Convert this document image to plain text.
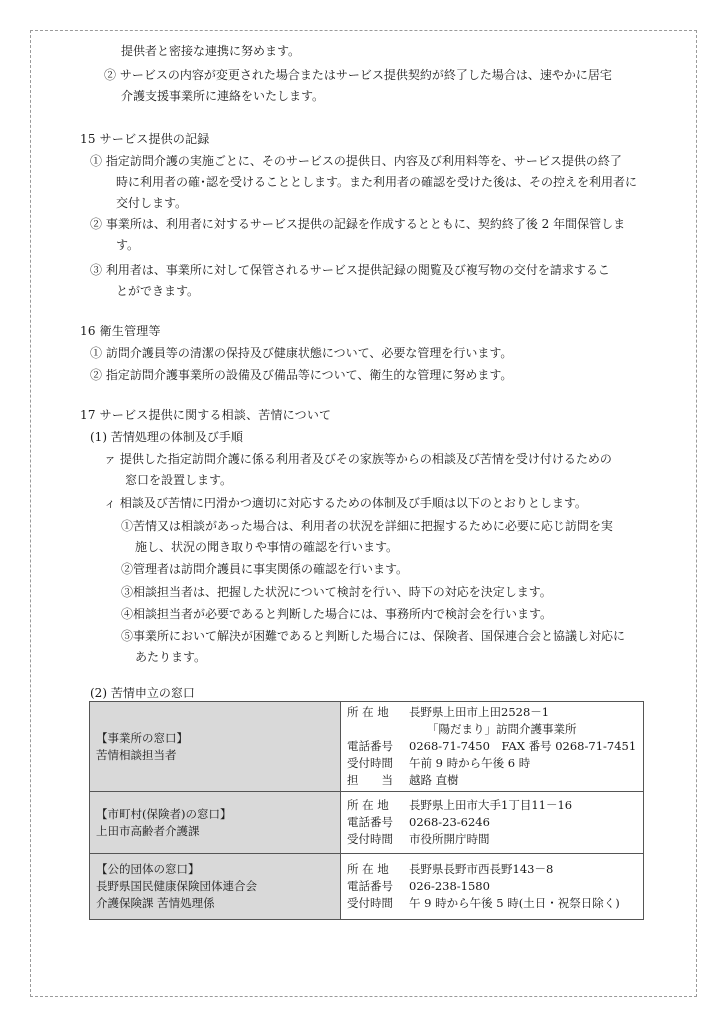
提供者と密接な連携に努めます。
② サービスの内容が変更された場合またはサービス提供契約が終了した場合は、速やかに居宅
介護支援事業所に連絡をいたします。
15 サービス提供の記録
① 指定訪問介護の実施ごとに、そのサービスの提供日、内容及び利用料等を、サービス提供の終了
時に利用者の確･認を受けることとします。また利用者の確認を受けた後は、その控えを利用者に
交付します。
② 事業所は、利用者に対するサービス提供の記録を作成するとともに、契約終了後 2 年間保管しま
す。
③ 利用者は、事業所に対して保管されるサービス提供記録の閲覧及び複写物の交付を請求するこ
とができます。
16 衛生管理等
① 訪問介護員等の清潔の保持及び健康状態について、必要な管理を行います。
② 指定訪問介護事業所の設備及び備品等について、衛生的な管理に努めます。
17 サービス提供に関する相談、苦情について
(1) 苦情処理の体制及び手順
ァ 提供した指定訪問介護に係る利用者及びその家族等からの相談及び苦情を受け付けるための
窓口を設置します。
ィ 相談及び苦情に円滑かつ適切に対応するための体制及び手順は以下のとおりとします。
①苦情又は相談があった場合は、利用者の状況を詳細に把握するために必要に応じ訪問を実
施し、状況の聞き取りや事情の確認を行います。
②管理者は訪問介護員に事実関係の確認を行います。
③相談担当者は、把握した状況について検討を行い、時下の対応を決定します。
④相談担当者が必要であると判断した場合には、事務所内で検討会を行います。
⑤事業所において解決が困難であると判断した場合には、保険者、国保連合会と協議し対応に
あたります。
(2) 苦情申立の窓口
【事業所の窓口】
苦情相談担当者	所 在 地 長野県上田市上田2528－1
「陽だまり」訪問介護事業所
電話番号 0268-71-7450　FAX 番号 0268-71-7451
受付時間 午前 9 時から午後 6 時
担　　当 越路 直樹

【市町村(保険者)の窓口】
上田市高齢者介護課	所 在 地 長野県上田市大手1丁目11－16
電話番号 0268-23-6246
受付時間 市役所開庁時間

【公的団体の窓口】
長野県国民健康保険団体連合会
介護保険課 苦情処理係	所 在 地 長野県長野市西長野143－8
電話番号 026-238-1580
受付時間 午 9 時から午後 5 時(土日・祝祭日除く)
